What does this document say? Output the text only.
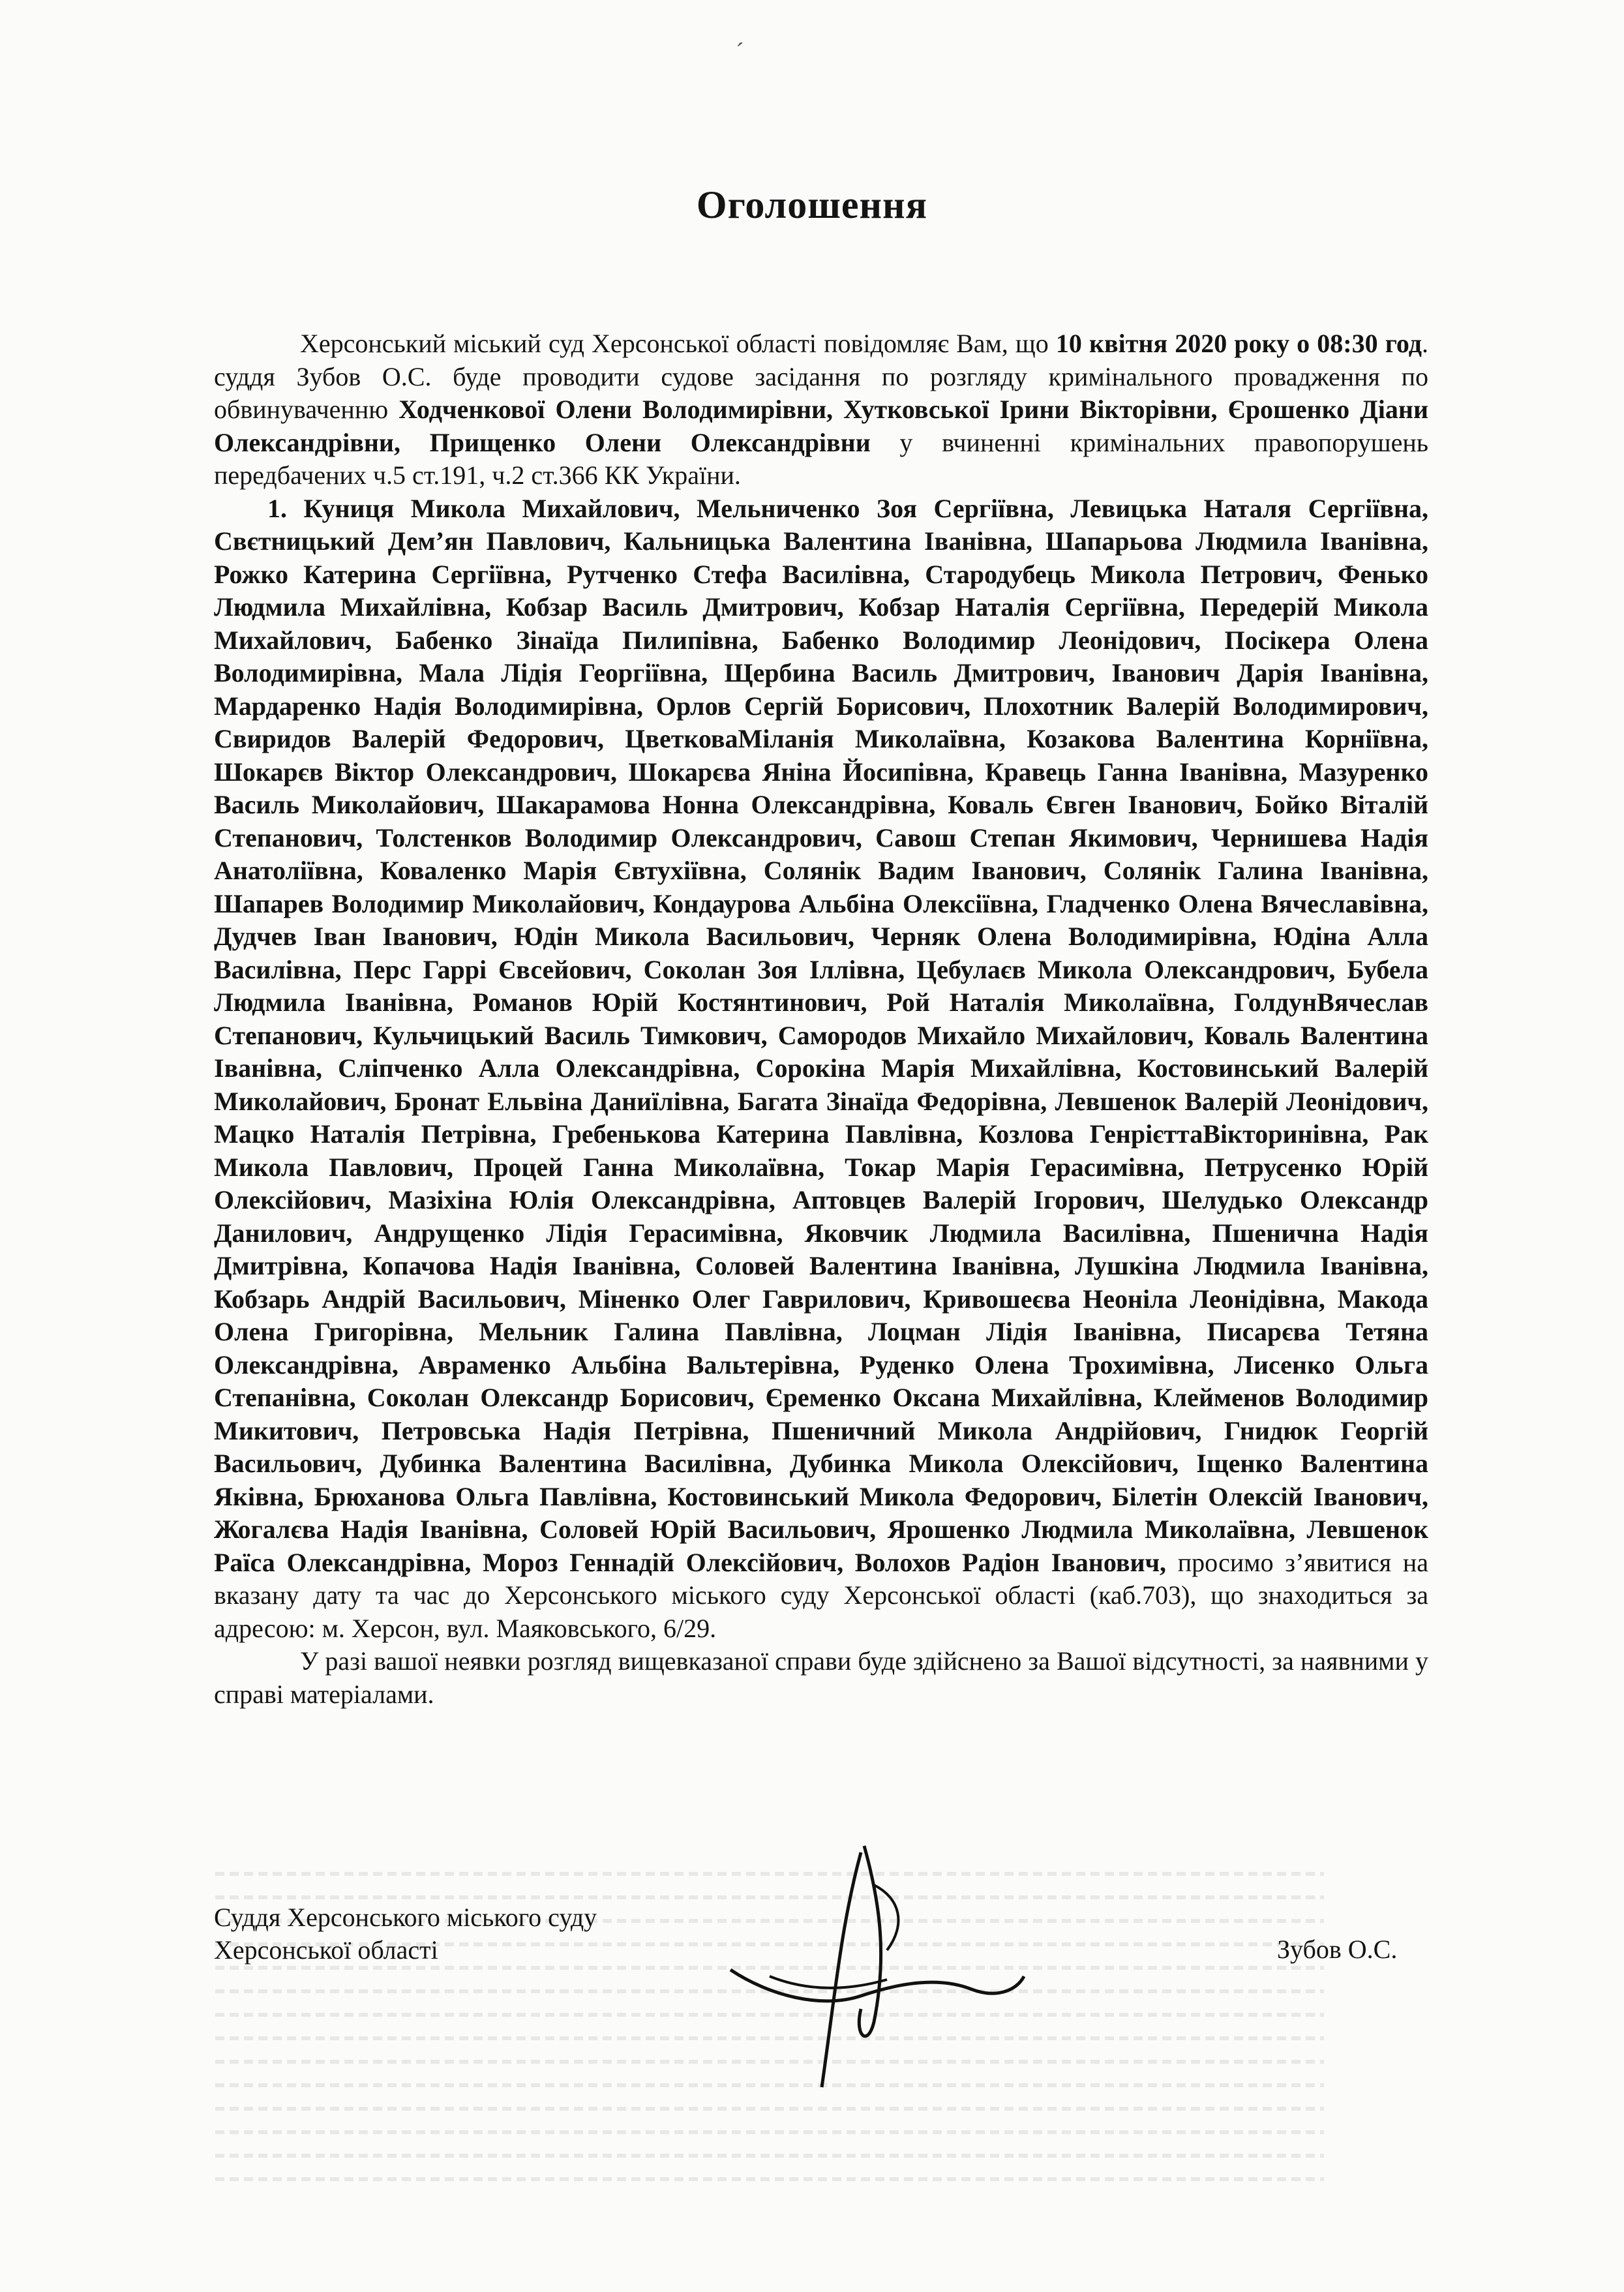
ˊ
Оголошення

Херсонський міський суд Херсонської області повідомляє Вам, що 10 квітня 2020 року о 08:30 год. суддя Зубов О.С. буде проводити судове засідання по розгляду кримінального провадження по обвинуваченню Ходченкової Олени Володимирівни, Хутковської Ірини Вікторівни, Єрошенко Діани Олександрівни, Прищенко Олени Олександрівни у вчиненні кримінальних правопорушень передбачених ч.5 ст.191, ч.2 ст.366 КК України.

1. Куниця Микола Михайлович, Мельниченко Зоя Сергіївна, Левицька Наталя Сергіївна, Свєтницький Дем’ян Павлович, Кальницька Валентина Іванівна, Шапарьова Людмила Іванівна, Рожко Катерина Сергіївна, Рутченко Стефа Василівна, Стародубець Микола Петрович, Фенько Людмила Михайлівна, Кобзар Василь Дмитрович, Кобзар Наталія Сергіївна, Передерій Микола Михайлович, Бабенко Зінаїда Пилипівна, Бабенко Володимир Леонідович, Посікера Олена Володимирівна, Мала Лідія Георгіївна, Щербина Василь Дмитрович, Іванович Дарія Іванівна, Мардаренко Надія Володимирівна, Орлов Сергій Борисович, Плохотник Валерій Володимирович, Свиридов Валерій Федорович, ЦветковаМіланія Миколаївна, Козакова Валентина Корніївна, Шокарєв Віктор Олександрович, Шокарєва Яніна Йосипівна, Кравець Ганна Іванівна, Мазуренко Василь Миколайович, Шакарамова Нонна Олександрівна, Коваль Євген Іванович, Бойко Віталій Степанович, Толстенков Володимир Олександрович, Савош Степан Якимович, Чернишева Надія Анатоліївна, Коваленко Марія Євтухіївна, Солянік Вадим Іванович, Солянік Галина Іванівна, Шапарев Володимир Миколайович, Кондаурова Альбіна Олексіївна, Гладченко Олена Вячеславівна, Дудчев Іван Іванович, Юдін Микола Васильович, Черняк Олена Володимирівна, Юдіна Алла Василівна, Перс Гаррі Євсейович, Соколан Зоя Іллівна, Цебулаєв Микола Олександрович, Бубела Людмила Іванівна, Романов Юрій Костянтинович, Рой Наталія Миколаївна, ГолдунВячеслав Степанович, Кульчицький Василь Тимкович, Самородов Михайло Михайлович, Коваль Валентина Іванівна, Сліпченко Алла Олександрівна, Сорокіна Марія Михайлівна, Костовинський Валерій Миколайович, Бронат Ельвіна Даниїлівна, Багата Зінаїда Федорівна, Левшенок Валерій Леонідович, Мацко Наталія Петрівна, Гребенькова Катерина Павлівна, Козлова ГенрієттаВікторинівна, Рак Микола Павлович, Процей Ганна Миколаївна, Токар Марія Герасимівна, Петрусенко Юрій Олексійович, Мазіхіна Юлія Олександрівна, Аптовцев Валерій Ігорович, Шелудько Олександр Данилович, Андрущенко Лідія Герасимівна, Яковчик Людмила Василівна, Пшенична Надія Дмитрівна, Копачова Надія Іванівна, Соловей Валентина Іванівна, Лушкіна Людмила Іванівна, Кобзарь Андрій Васильович, Міненко Олег Гаврилович, Кривошеєва Неоніла Леонідівна, Макода Олена Григорівна, Мельник Галина Павлівна, Лоцман Лідія Іванівна, Писарєва Тетяна Олександрівна, Авраменко Альбіна Вальтерівна, Руденко Олена Трохимівна, Лисенко Ольга Степанівна, Соколан Олександр Борисович, Єременко Оксана Михайлівна, Клейменов Володимир Микитович, Петровська Надія Петрівна, Пшеничний Микола Андрійович, Гнидюк Георгій Васильович, Дубинка Валентина Василівна, Дубинка Микола Олексійович, Іщенко Валентина Яківна, Брюханова Ольга Павлівна, Костовинський Микола Федорович, Білетін Олексій Іванович, Жогалєва Надія Іванівна, Соловей Юрій Васильович, Ярошенко Людмила Миколаївна, Левшенок Раїса Олександрівна, Мороз Геннадій Олексійович, Волохов Радіон Іванович, просимо з’явитися на вказану дату та час до Херсонського міського суду Херсонської області (каб.703), що знаходиться за адресою: м. Херсон, вул. Маяковського, 6/29.

У разі вашої неявки розгляд вищевказаної справи буде здійснено за Вашої відсутності, за наявними у справі матеріалами.

Суддя Херсонського міського суду
Херсонської області	Зубов О.С.
